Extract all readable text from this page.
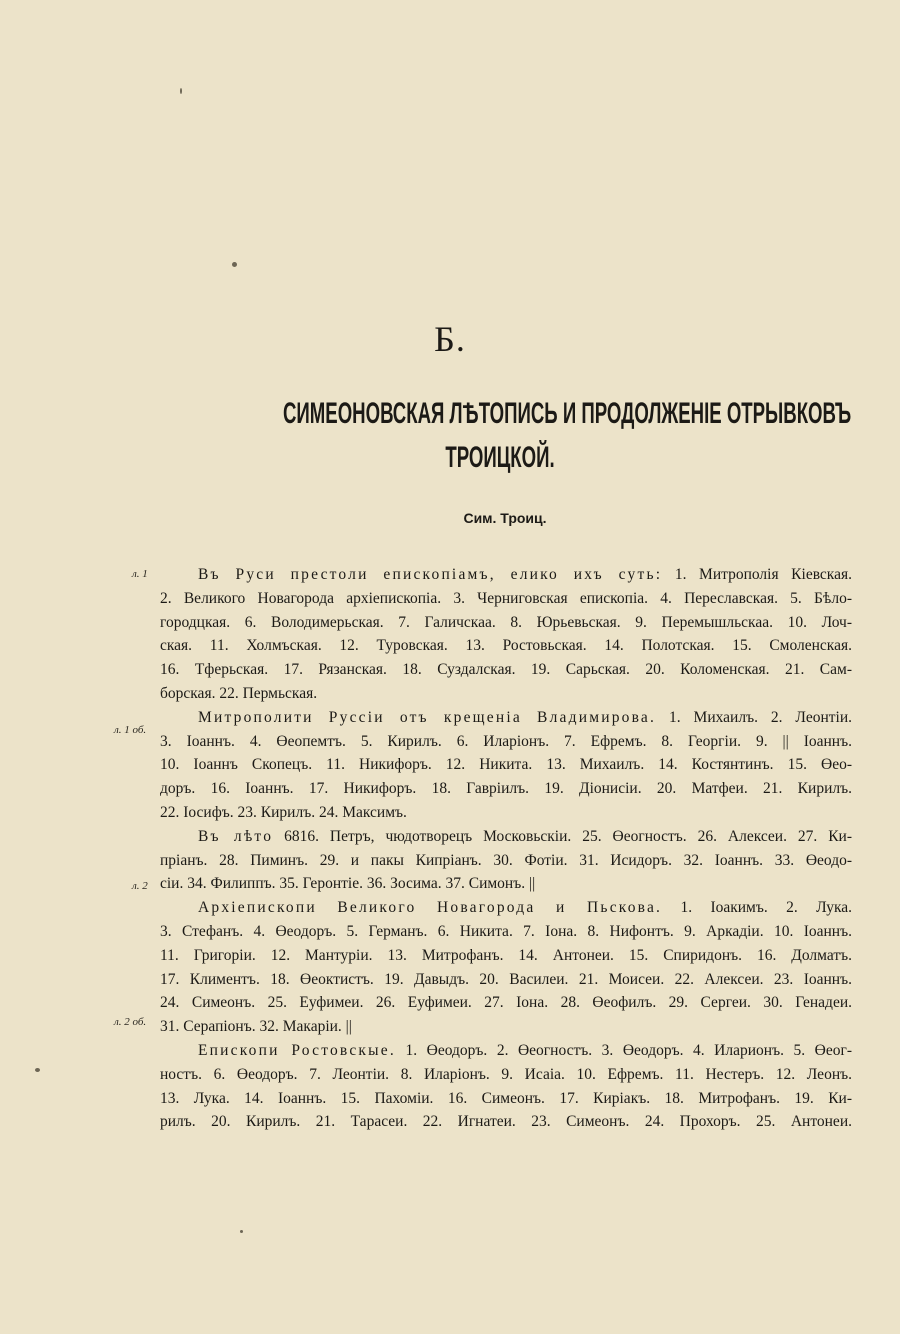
Б.
СИМЕОНОВСКАЯ ЛѢТОПИСЬ И ПРОДОЛЖЕНІЕ ОТРЫВКОВЪ
ТРОИЦКОЙ.
Сим. Троиц.
л. 1
л. 1 об.
л. 2
л. 2 об.
Въ Руси престоли епископіамъ, елико ихъ суть: 1. Митрополія Кіевская.
2. Великого Новагорода архіепископіа. 3. Черниговская епископіа. 4. Переславская. 5. Бѣло-
городцкая. 6. Володимерьская. 7. Галичскаа. 8. Юрьевьская. 9. Перемышльскаа. 10. Лоч-
ская. 11. Холмъская. 12. Туровская. 13. Ростовьская. 14. Полотская. 15. Смоленская.
16. Тферьская. 17. Рязанская. 18. Суздалская. 19. Сарьская. 20. Коломенская. 21. Сам-
борская. 22. Пермьская.
Митрополити Руссіи отъ крещеніа Владимирова. 1. Михаилъ. 2. Леонтіи.
3. Іоаннъ. 4. Өеопемтъ. 5. Кирилъ. 6. Иларіонъ. 7. Ефремъ. 8. Георгіи. 9. || Іоаннъ.
10. Іоаннъ Скопецъ. 11. Никифоръ. 12. Никита. 13. Михаилъ. 14. Костянтинъ. 15. Өео-
доръ. 16. Іоаннъ. 17. Никифоръ. 18. Гавріилъ. 19. Діонисіи. 20. Матфеи. 21. Кирилъ.
22. Іосифъ. 23. Кирилъ. 24. Максимъ.
Въ лѣто 6816. Петръ, чюдотворецъ Московьскіи. 25. Өеогностъ. 26. Алексеи. 27. Ки-
пріанъ. 28. Пиминъ. 29. и пакы Кипріанъ. 30. Фотіи. 31. Исидоръ. 32. Іоаннъ. 33. Өеодо-
сіи. 34. Филиппъ. 35. Геронтіе. 36. Зосима. 37. Симонъ. ||
Архіепископи Великого Новагорода и Пьскова. 1. Іоакимъ. 2. Лука.
3. Стефанъ. 4. Өеодоръ. 5. Германъ. 6. Никита. 7. Іона. 8. Нифонтъ. 9. Аркадіи. 10. Іоаннъ.
11. Григоріи. 12. Мантуріи. 13. Митрофанъ. 14. Антонеи. 15. Спиридонъ. 16. Долматъ.
17. Климентъ. 18. Өеоктистъ. 19. Давыдъ. 20. Василеи. 21. Моисеи. 22. Алексеи. 23. Іоаннъ.
24. Симеонъ. 25. Еуфимеи. 26. Еуфимеи. 27. Іона. 28. Өеофилъ. 29. Сергеи. 30. Генадеи.
31. Серапіонъ. 32. Макаріи. ||
Епископи Ростовскые. 1. Өеодоръ. 2. Өеогностъ. 3. Өеодоръ. 4. Иларионъ. 5. Өеог-
ностъ. 6. Өеодоръ. 7. Леонтіи. 8. Иларіонъ. 9. Исаіа. 10. Ефремъ. 11. Нестеръ. 12. Леонъ.
13. Лука. 14. Іоаннъ. 15. Пахоміи. 16. Симеонъ. 17. Киріакъ. 18. Митрофанъ. 19. Ки-
рилъ. 20. Кирилъ. 21. Тарасеи. 22. Игнатеи. 23. Симеонъ. 24. Прохоръ. 25. Антонеи.
